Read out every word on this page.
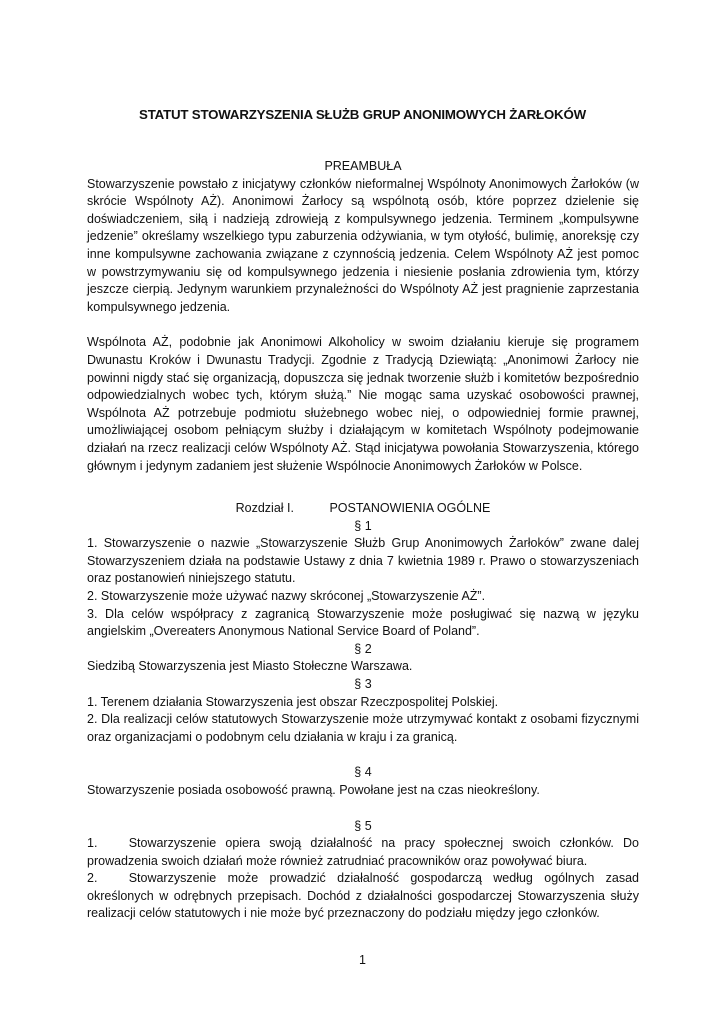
STATUT STOWARZYSZENIA SŁUŻB GRUP ANONIMOWYCH ŻARŁOKÓW

PREAMBUŁA

Stowarzyszenie powstało z inicjatywy członków nieformalnej Wspólnoty Anonimowych Żarłoków (w skrócie Wspólnoty AŻ). Anonimowi Żarłocy są wspólnotą osób, które poprzez dzielenie się doświadczeniem, siłą i nadzieją zdrowieją z kompulsywnego jedzenia. Terminem „kompulsywne jedzenie” określamy wszelkiego typu zaburzenia odżywiania, w tym otyłość, bulimię, anoreksję czy inne kompulsywne zachowania związane z czynnością jedzenia. Celem Wspólnoty AŻ jest pomoc w powstrzymywaniu się od kompulsywnego jedzenia i niesienie posłania zdrowienia tym, którzy jeszcze cierpią. Jedynym warunkiem przynależności do Wspólnoty AŻ jest pragnienie zaprzestania kompulsywnego jedzenia.

Wspólnota AŻ, podobnie jak Anonimowi Alkoholicy w swoim działaniu kieruje się programem Dwunastu Kroków i Dwunastu Tradycji. Zgodnie z Tradycją Dziewiątą: „Anonimowi Żarłocy nie powinni nigdy stać się organizacją, dopuszcza się jednak tworzenie służb i komitetów bezpośrednio odpowiedzialnych wobec tych, którym służą.” Nie mogąc sama uzyskać osobowości prawnej, Wspólnota AŻ potrzebuje podmiotu służebnego wobec niej, o odpowiedniej formie prawnej, umożliwiającej osobom pełniącym służby i działającym w komitetach Wspólnoty podejmowanie działań na rzecz realizacji celów Wspólnoty AŻ. Stąd inicjatywa powołania Stowarzyszenia, którego głównym i jedynym zadaniem jest służenie Wspólnocie Anonimowych Żarłoków w Polsce.

Rozdział I.	POSTANOWIENIA OGÓLNE

§ 1

1. Stowarzyszenie o nazwie „Stowarzyszenie Służb Grup Anonimowych Żarłoków” zwane dalej Stowarzyszeniem działa na podstawie Ustawy z dnia 7 kwietnia 1989 r. Prawo o stowarzyszeniach oraz postanowień niniejszego statutu.

2. Stowarzyszenie może używać nazwy skróconej „Stowarzyszenie AŻ”.

3. Dla celów współpracy z zagranicą Stowarzyszenie może posługiwać się nazwą w języku angielskim „Overeaters Anonymous National Service Board of Poland”.

§ 2

Siedzibą Stowarzyszenia jest Miasto Stołeczne Warszawa.

§ 3

1. Terenem działania Stowarzyszenia jest obszar Rzeczpospolitej Polskiej.

2. Dla realizacji celów statutowych Stowarzyszenie może utrzymywać kontakt z osobami fizycznymi oraz organizacjami o podobnym celu działania w kraju i za granicą.

§ 4

Stowarzyszenie posiada osobowość prawną. Powołane jest na czas nieokreślony.

§ 5

1.   	Stowarzyszenie opiera swoją działalność na pracy społecznej swoich członków. Do prowadzenia swoich działań może również zatrudniać pracowników oraz powoływać biura.

2.   	Stowarzyszenie może prowadzić działalność gospodarczą według ogólnych zasad określonych w odrębnych przepisach. Dochód z działalności gospodarczej Stowarzyszenia służy realizacji celów statutowych i nie może być przeznaczony do podziału między jego członków.

1
